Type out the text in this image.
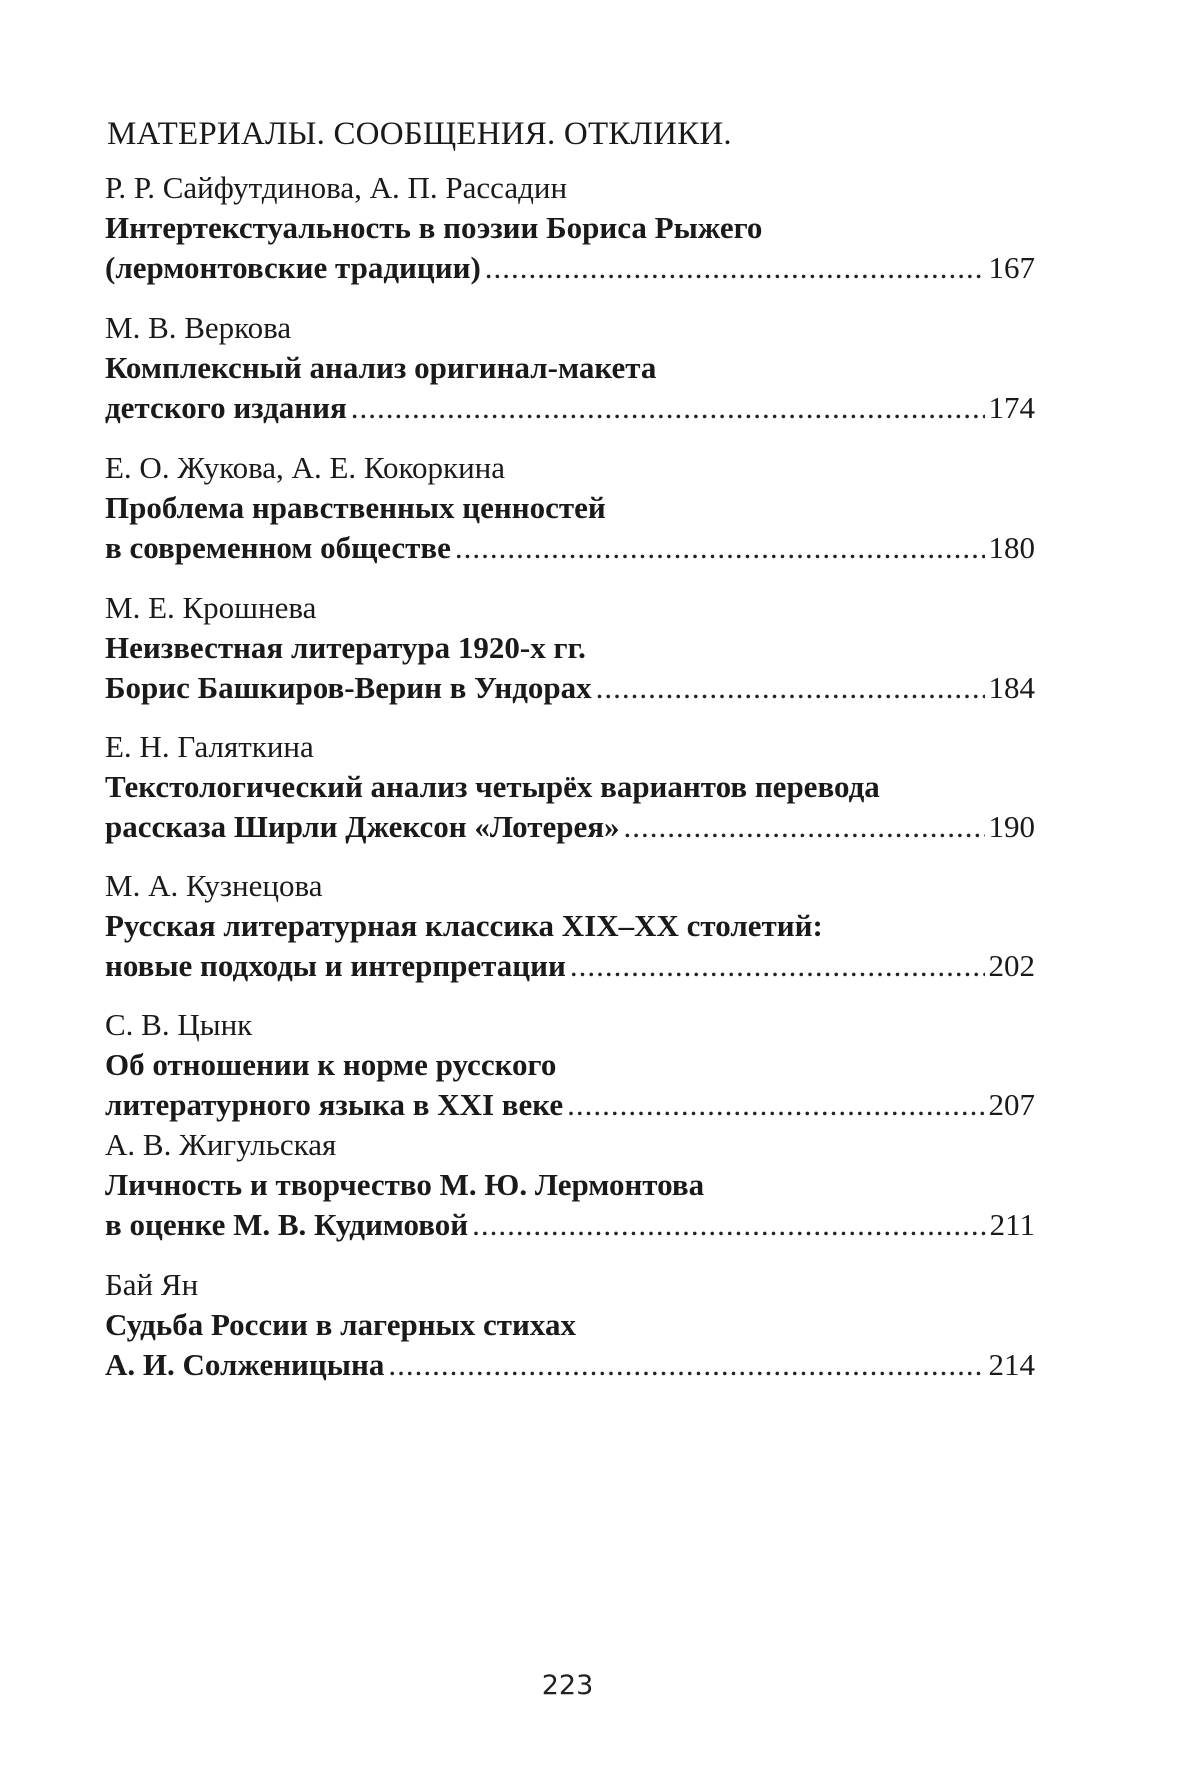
МАТЕРИАЛЫ. СООБЩЕНИЯ. ОТКЛИКИ.
Р. Р. Сайфутдинова, А. П. Рассадин
Интертекстуальность в поэзии Бориса Рыжего
(лермонтовские традиции) .....	167
М. В. Веркова
Комплексный анализ оригинал-макета
детского издания .....	174
Е. О. Жукова, А. Е. Кокоркина
Проблема нравственных ценностей
в современном обществе .....	180
М. Е. Крошнева
Неизвестная литература 1920-х гг.
Борис Башкиров-Верин в Ундорах .....	184
Е. Н. Галяткина
Текстологический анализ четырёх вариантов перевода
рассказа Ширли Джексон «Лотерея» .....	190
М. А. Кузнецова
Русская литературная классика XIX–XX столетий:
новые подходы и интерпретации .....	202
С. В. Цынк
Об отношении к норме русского
литературного языка в XXI веке .....	207
А. В. Жигульская
Личность и творчество М. Ю. Лермонтова
в оценке М. В. Кудимовой .....	211
Бай Ян
Судьба России в лагерных стихах
А. И. Солженицына .....	214
223
